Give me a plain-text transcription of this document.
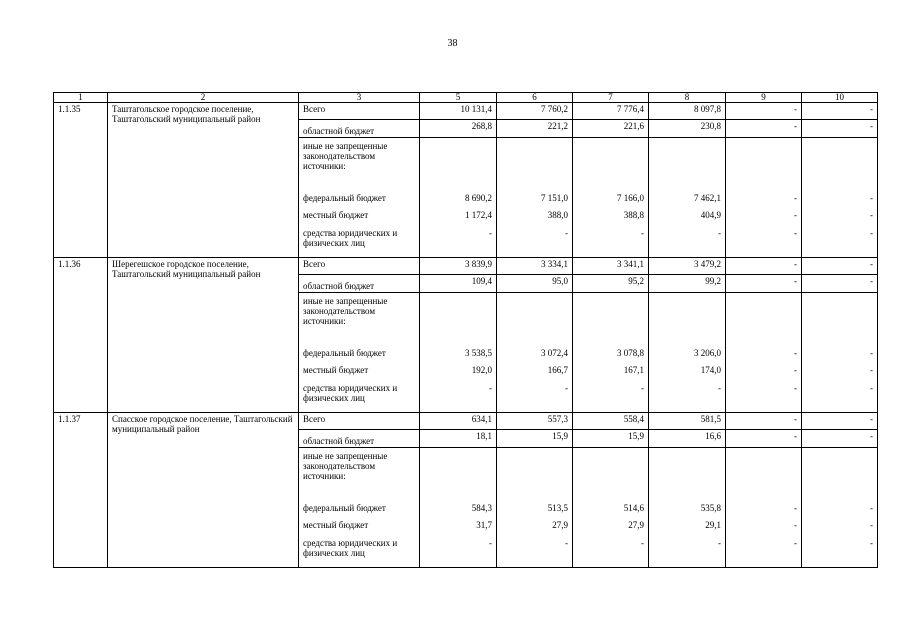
38
1	2	3	5	6	7	8	9	10
1.1.35	Таштагольское городское поселение, Таштагольский муниципальный район	Всего	10 131,4	7 760,2	7 776,4	8 097,8	-	-
		областной бюджет	268,8	221,2	221,6	230,8	-	-
		иные не запрещенные законодательством источники:						
		федеральный бюджет	8 690,2	7 151,0	7 166,0	7 462,1	-	-
		местный бюджет	1 172,4	388,0	388,8	404,9	-	-
		средства юридических и физических лиц	-	-	-	-	-	-
1.1.36	Шерегешское городское поселение, Таштагольский муниципальный район	Всего	3 839,9	3 334,1	3 341,1	3 479,2	-	-
		областной бюджет	109,4	95,0	95,2	99,2	-	-
		иные не запрещенные законодательством источники:						
		федеральный бюджет	3 538,5	3 072,4	3 078,8	3 206,0	-	-
		местный бюджет	192,0	166,7	167,1	174,0	-	-
		средства юридических и физических лиц	-	-	-	-	-	-
1.1.37	Спасское городское поселение, Таштагольский муниципальный район	Всего	634,1	557,3	558,4	581,5	-	-
		областной бюджет	18,1	15,9	15,9	16,6	-	-
		иные не запрещенные законодательством источники:						
		федеральный бюджет	584,3	513,5	514,6	535,8	-	-
		местный бюджет	31,7	27,9	27,9	29,1	-	-
		средства юридических и физических лиц	-	-	-	-	-	-
